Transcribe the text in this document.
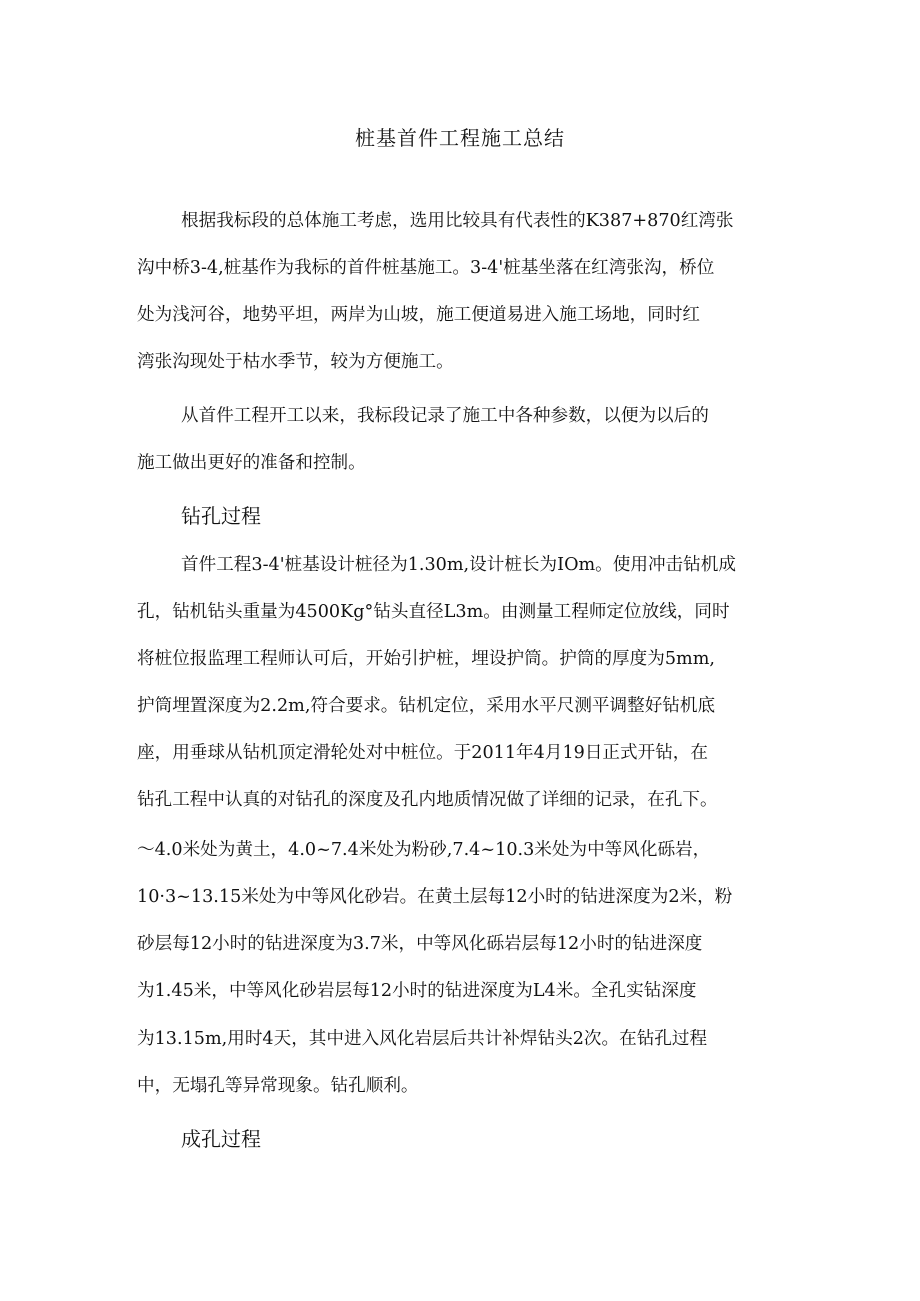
桩基首件工程施工总结

根据我标段的总体施工考虑，选用比较具有代表性的K387+870红湾张

沟中桥3-4,桩基作为我标的首件桩基施工。3-4'桩基坐落在红湾张沟，桥位

处为浅河谷，地势平坦，两岸为山坡，施工便道易进入施工场地，同时红

湾张沟现处于枯水季节，较为方便施工。

从首件工程开工以来，我标段记录了施工中各种参数，以便为以后的

施工做出更好的准备和控制。

钻孔过程

首件工程3-4'桩基设计桩径为1.30m,设计桩长为IOm。使用冲击钻机成

孔，钻机钻头重量为4500Kg°钻头直径L3m。由测量工程师定位放线，同时

将桩位报监理工程师认可后，开始引护桩，埋设护筒。护筒的厚度为5mm,

护筒埋置深度为2.2m,符合要求。钻机定位，采用水平尺测平调整好钻机底

座，用垂球从钻机顶定滑轮处对中桩位。于2011年4月19日正式开钻，在

钻孔工程中认真的对钻孔的深度及孔内地质情况做了详细的记录，在孔下。

～4.0米处为黄土，4.0~7.4米处为粉砂,7.4~10.3米处为中等风化砾岩，

10·3~13.15米处为中等风化砂岩。在黄土层每12小时的钻进深度为2米，粉

砂层每12小时的钻进深度为3.7米，中等风化砾岩层每12小时的钻进深度

为1.45米，中等风化砂岩层每12小时的钻进深度为L4米。全孔实钻深度

为13.15m,用时4天，其中进入风化岩层后共计补焊钻头2次。在钻孔过程

中，无塌孔等异常现象。钻孔顺利。

成孔过程
